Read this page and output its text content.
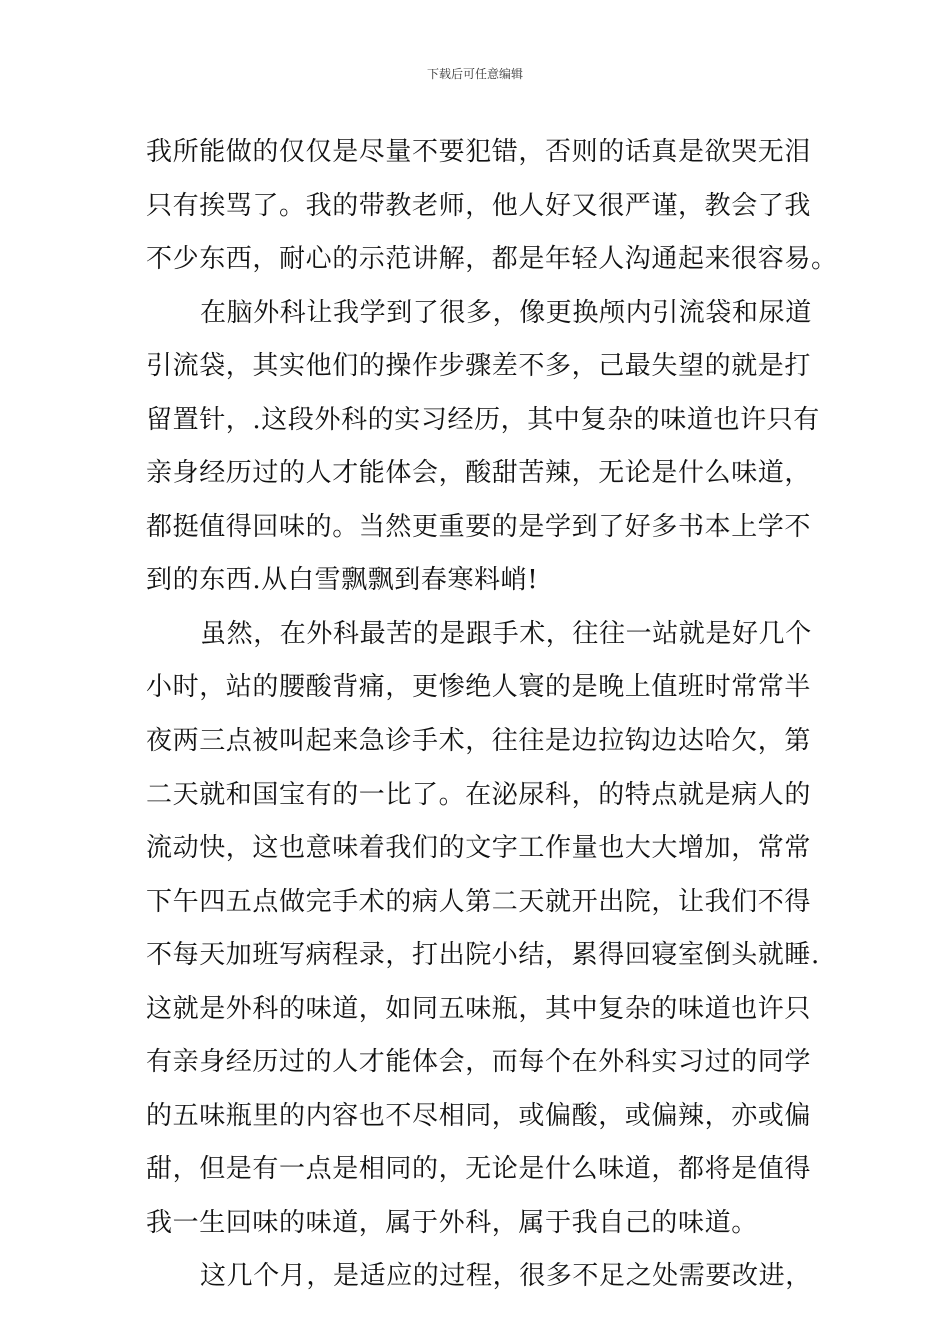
下载后可任意编辑
我所能做的仅仅是尽量不要犯错，否则的话真是欲哭无泪
只有挨骂了。我的带教老师，他人好又很严谨，教会了我
不少东西，耐心的示范讲解，都是年轻人沟通起来很容易。
在脑外科让我学到了很多，像更换颅内引流袋和尿道
引流袋，其实他们的操作步骤差不多，己最失望的就是打
留置针，.这段外科的实习经历，其中复杂的味道也许只有
亲身经历过的人才能体会，酸甜苦辣，无论是什么味道，
都挺值得回味的。当然更重要的是学到了好多书本上学不
到的东西.从白雪飘飘到春寒料峭!
虽然，在外科最苦的是跟手术，往往一站就是好几个
小时，站的腰酸背痛，更惨绝人寰的是晚上值班时常常半
夜两三点被叫起来急诊手术，往往是边拉钩边达哈欠，第
二天就和国宝有的一比了。在泌尿科，的特点就是病人的
流动快，这也意味着我们的文字工作量也大大增加，常常
下午四五点做完手术的病人第二天就开出院，让我们不得
不每天加班写病程录，打出院小结，累得回寝室倒头就睡.
这就是外科的味道，如同五味瓶，其中复杂的味道也许只
有亲身经历过的人才能体会，而每个在外科实习过的同学
的五味瓶里的内容也不尽相同，或偏酸，或偏辣，亦或偏
甜，但是有一点是相同的，无论是什么味道，都将是值得
我一生回味的味道，属于外科，属于我自己的味道。
这几个月，是适应的过程，很多不足之处需要改进，
